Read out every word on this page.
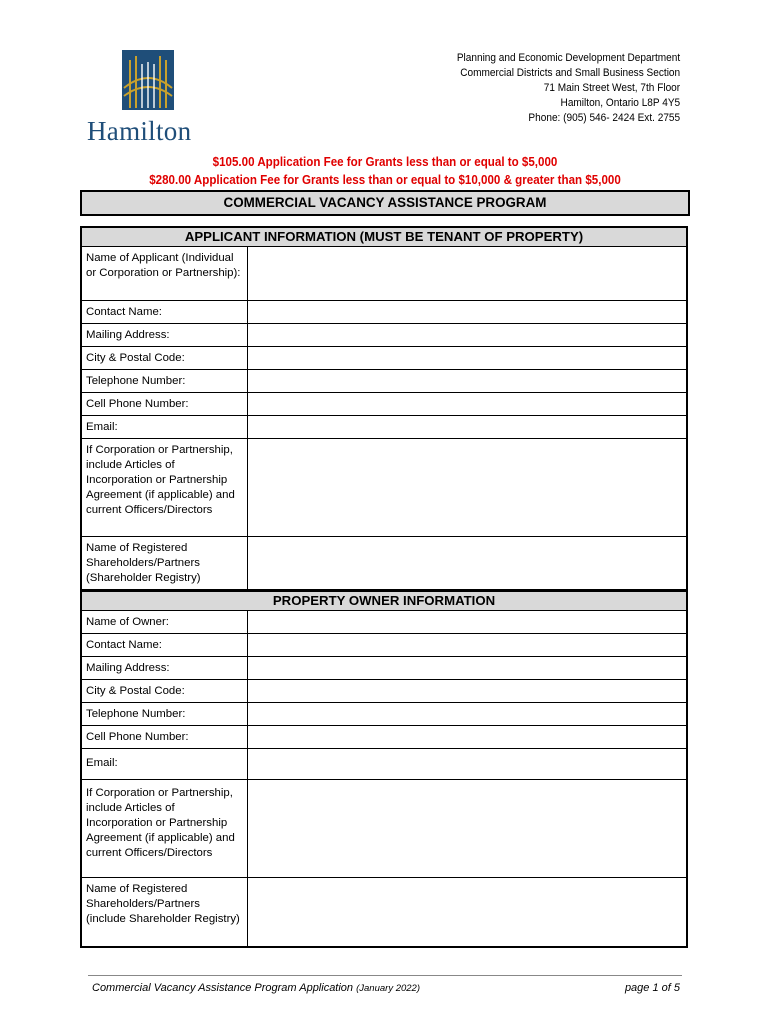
Hamilton
Planning and Economic Development Department
Commercial Districts and Small Business Section
71 Main Street West, 7th Floor
Hamilton, Ontario L8P 4Y5
Phone: (905) 546- 2424 Ext. 2755
$105.00 Application Fee for Grants less than or equal to $5,000
$280.00 Application Fee for Grants less than or equal to $10,000 & greater than $5,000
COMMERCIAL VACANCY ASSISTANCE PROGRAM
APPLICANT INFORMATION (MUST BE TENANT OF PROPERTY)
Name of Applicant (Individual or Corporation or Partnership):
Contact Name:
Mailing Address:
City & Postal Code:
Telephone Number:
Cell Phone Number:
Email:
If Corporation or Partnership, include Articles of Incorporation or Partnership Agreement (if applicable) and current Officers/Directors
Name of Registered Shareholders/Partners (Shareholder Registry)
PROPERTY OWNER INFORMATION
Name of Owner:
Contact Name:
Mailing Address:
City & Postal Code:
Telephone Number:
Cell Phone Number:
Email:
If Corporation or Partnership, include Articles of Incorporation or Partnership Agreement (if applicable) and current Officers/Directors
Name of Registered Shareholders/Partners (include Shareholder Registry)
Commercial Vacancy Assistance Program Application (January 2022)	page 1 of 5
